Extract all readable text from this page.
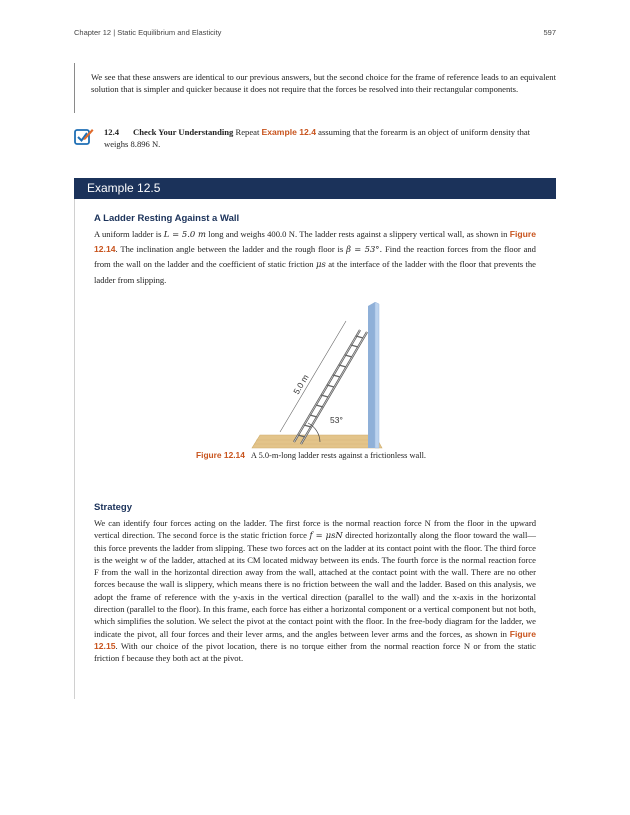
Chapter 12 | Static Equilibrium and Elasticity	597

We see that these answers are identical to our previous answers, but the second choice for the frame of reference leads to an equivalent solution that is simpler and quicker because it does not require that the forces be resolved into their rectangular components.

12.4 Check Your Understanding Repeat Example 12.4 assuming that the forearm is an object of uniform density that weighs 8.896 N.
Example 12.5
A Ladder Resting Against a Wall

A uniform ladder is L = 5.0 m long and weighs 400.0 N. The ladder rests against a slippery vertical wall, as shown in Figure 12.14. The inclination angle between the ladder and the rough floor is β = 53°. Find the reaction forces from the floor and from the wall on the ladder and the coefficient of static friction μs at the interface of the ladder with the floor that prevents the ladder from slipping.

5.0 m
53°
Figure 12.14 A 5.0-m-long ladder rests against a frictionless wall.
Strategy

We can identify four forces acting on the ladder. The first force is the normal reaction force N from the floor in the upward vertical direction. The second force is the static friction force f = μsN directed horizontally along the floor toward the wall—this force prevents the ladder from slipping. These two forces act on the ladder at its contact point with the floor. The third force is the weight w of the ladder, attached at its CM located midway between its ends. The fourth force is the normal reaction force F from the wall in the horizontal direction away from the wall, attached at the contact point with the wall. There are no other forces because the wall is slippery, which means there is no friction between the wall and the ladder. Based on this analysis, we adopt the frame of reference with the y-axis in the vertical direction (parallel to the wall) and the x-axis in the horizontal direction (parallel to the floor). In this frame, each force has either a horizontal component or a vertical component but not both, which simplifies the solution. We select the pivot at the contact point with the floor. In the free-body diagram for the ladder, we indicate the pivot, all four forces and their lever arms, and the angles between lever arms and the forces, as shown in Figure 12.15. With our choice of the pivot location, there is no torque either from the normal reaction force N or from the static friction f because they both act at the pivot.
